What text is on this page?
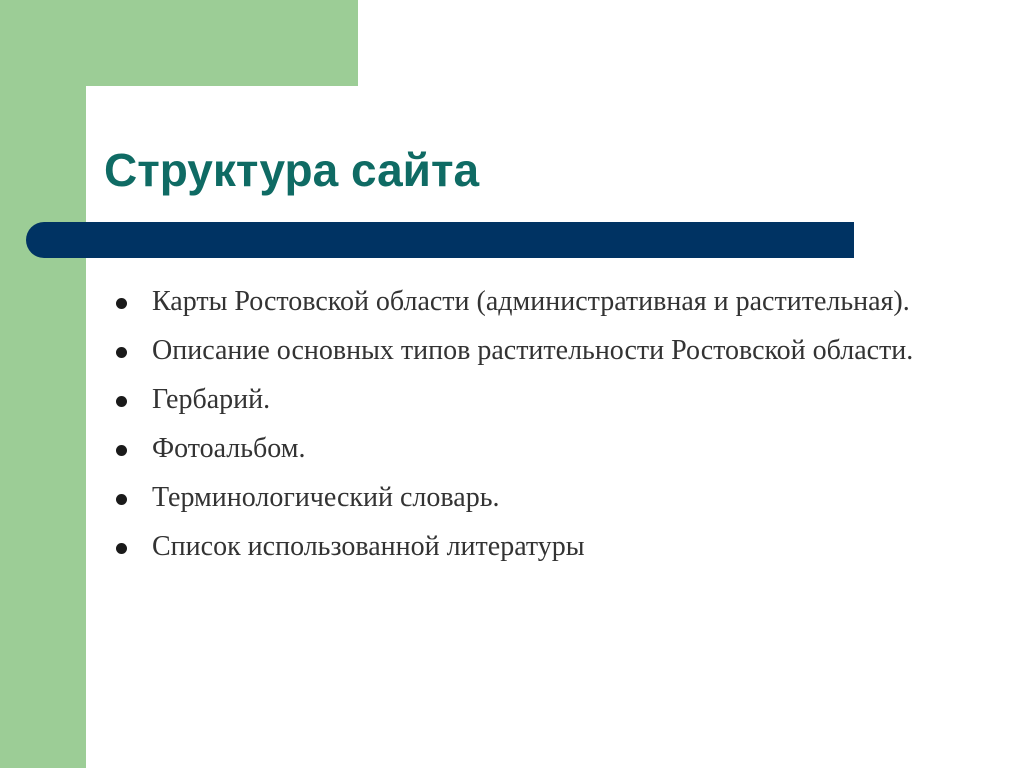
Структура сайта
Карты Ростовской области (административная и растительная).
Описание основных типов растительности Ростовской области.
Гербарий.
Фотоальбом.
Терминологический словарь.
Список использованной литературы
